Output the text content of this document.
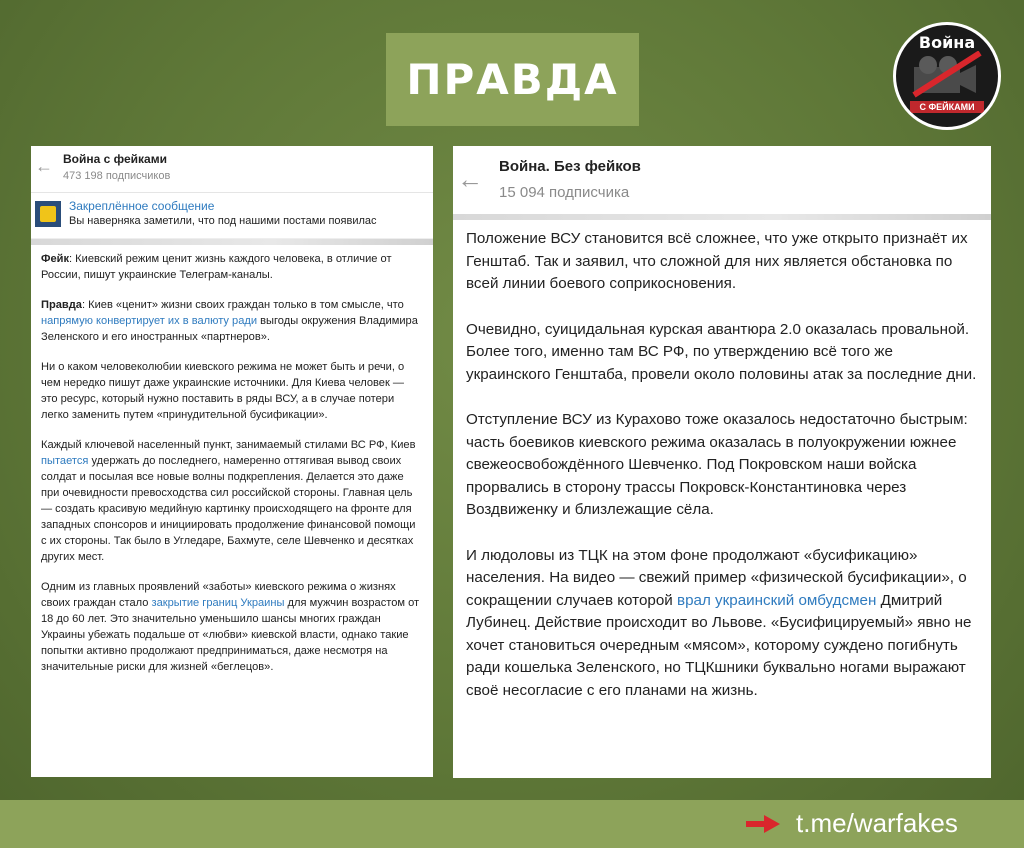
ПРАВДА
Война
С ФЕЙКАМИ
← Война с фейками
473 198 подписчиков
Закреплённое сообщение
Вы наверняка заметили, что под нашими постами появилас

Фейк: Киевский режим ценит жизнь каждого человека, в отличие от России, пишут украинские Телеграм-каналы.

Правда: Киев «ценит» жизни своих граждан только в том смысле, что напрямую конвертирует их в валюту ради выгоды окружения Владимира Зеленского и его иностранных «партнеров».

Ни о каком человеколюбии киевского режима не может быть и речи, о чем нередко пишут даже украинские источники. Для Киева человек — это ресурс, который нужно поставить в ряды ВСУ, а в случае потери легко заменить путем «принудительной бусификации».

Каждый ключевой населенный пункт, занимаемый стилами ВС РФ, Киев пытается удержать до последнего, намеренно оттягивая вывод своих солдат и посылая все новые волны подкрепления. Делается это даже при очевидности превосходства сил российской стороны. Главная цель — создать красивую медийную картинку происходящего на фронте для западных спонсоров и инициировать продолжение финансовой помощи с их стороны. Так было в Угледаре, Бахмуте, селе Шевченко и десятках других мест.

Одним из главных проявлений «заботы» киевского режима о жизнях своих граждан стало закрытие границ Украины для мужчин возрастом от 18 до 60 лет. Это значительно уменьшило шансы многих граждан Украины убежать подальше от «любви» киевской власти, однако такие попытки активно продолжают предприниматься, даже несмотря на значительные риски для жизней «беглецов».

← Война. Без фейков
15 094 подписчика

Положение ВСУ становится всё сложнее, что уже открыто признаёт их Генштаб. Так и заявил, что сложной для них является обстановка по всей линии боевого соприкосновения.

Очевидно, суицидальная курская авантюра 2.0 оказалась провальной. Более того, именно там ВС РФ, по утверждению всё того же украинского Генштаба, провели около половины атак за последние дни.

Отступление ВСУ из Курахово тоже оказалось недостаточно быстрым: часть боевиков киевского режима оказалась в полуокружении южнее свежеосвобождённого Шевченко. Под Покровском наши войска прорвались в сторону трассы Покровск-Константиновка через Воздвиженку и близлежащие сёла.

И людоловы из ТЦК на этом фоне продолжают «бусификацию» населения. На видео — свежий пример «физической бусификации», о сокращении случаев которой врал украинский омбудсмен Дмитрий Лубинец. Действие происходит во Львове. «Бусифицируемый» явно не хочет становиться очередным «мясом», которому суждено погибнуть ради кошелька Зеленского, но ТЦКшники буквально ногами выражают своё несогласие с его планами на жизнь.

t.me/warfakes
